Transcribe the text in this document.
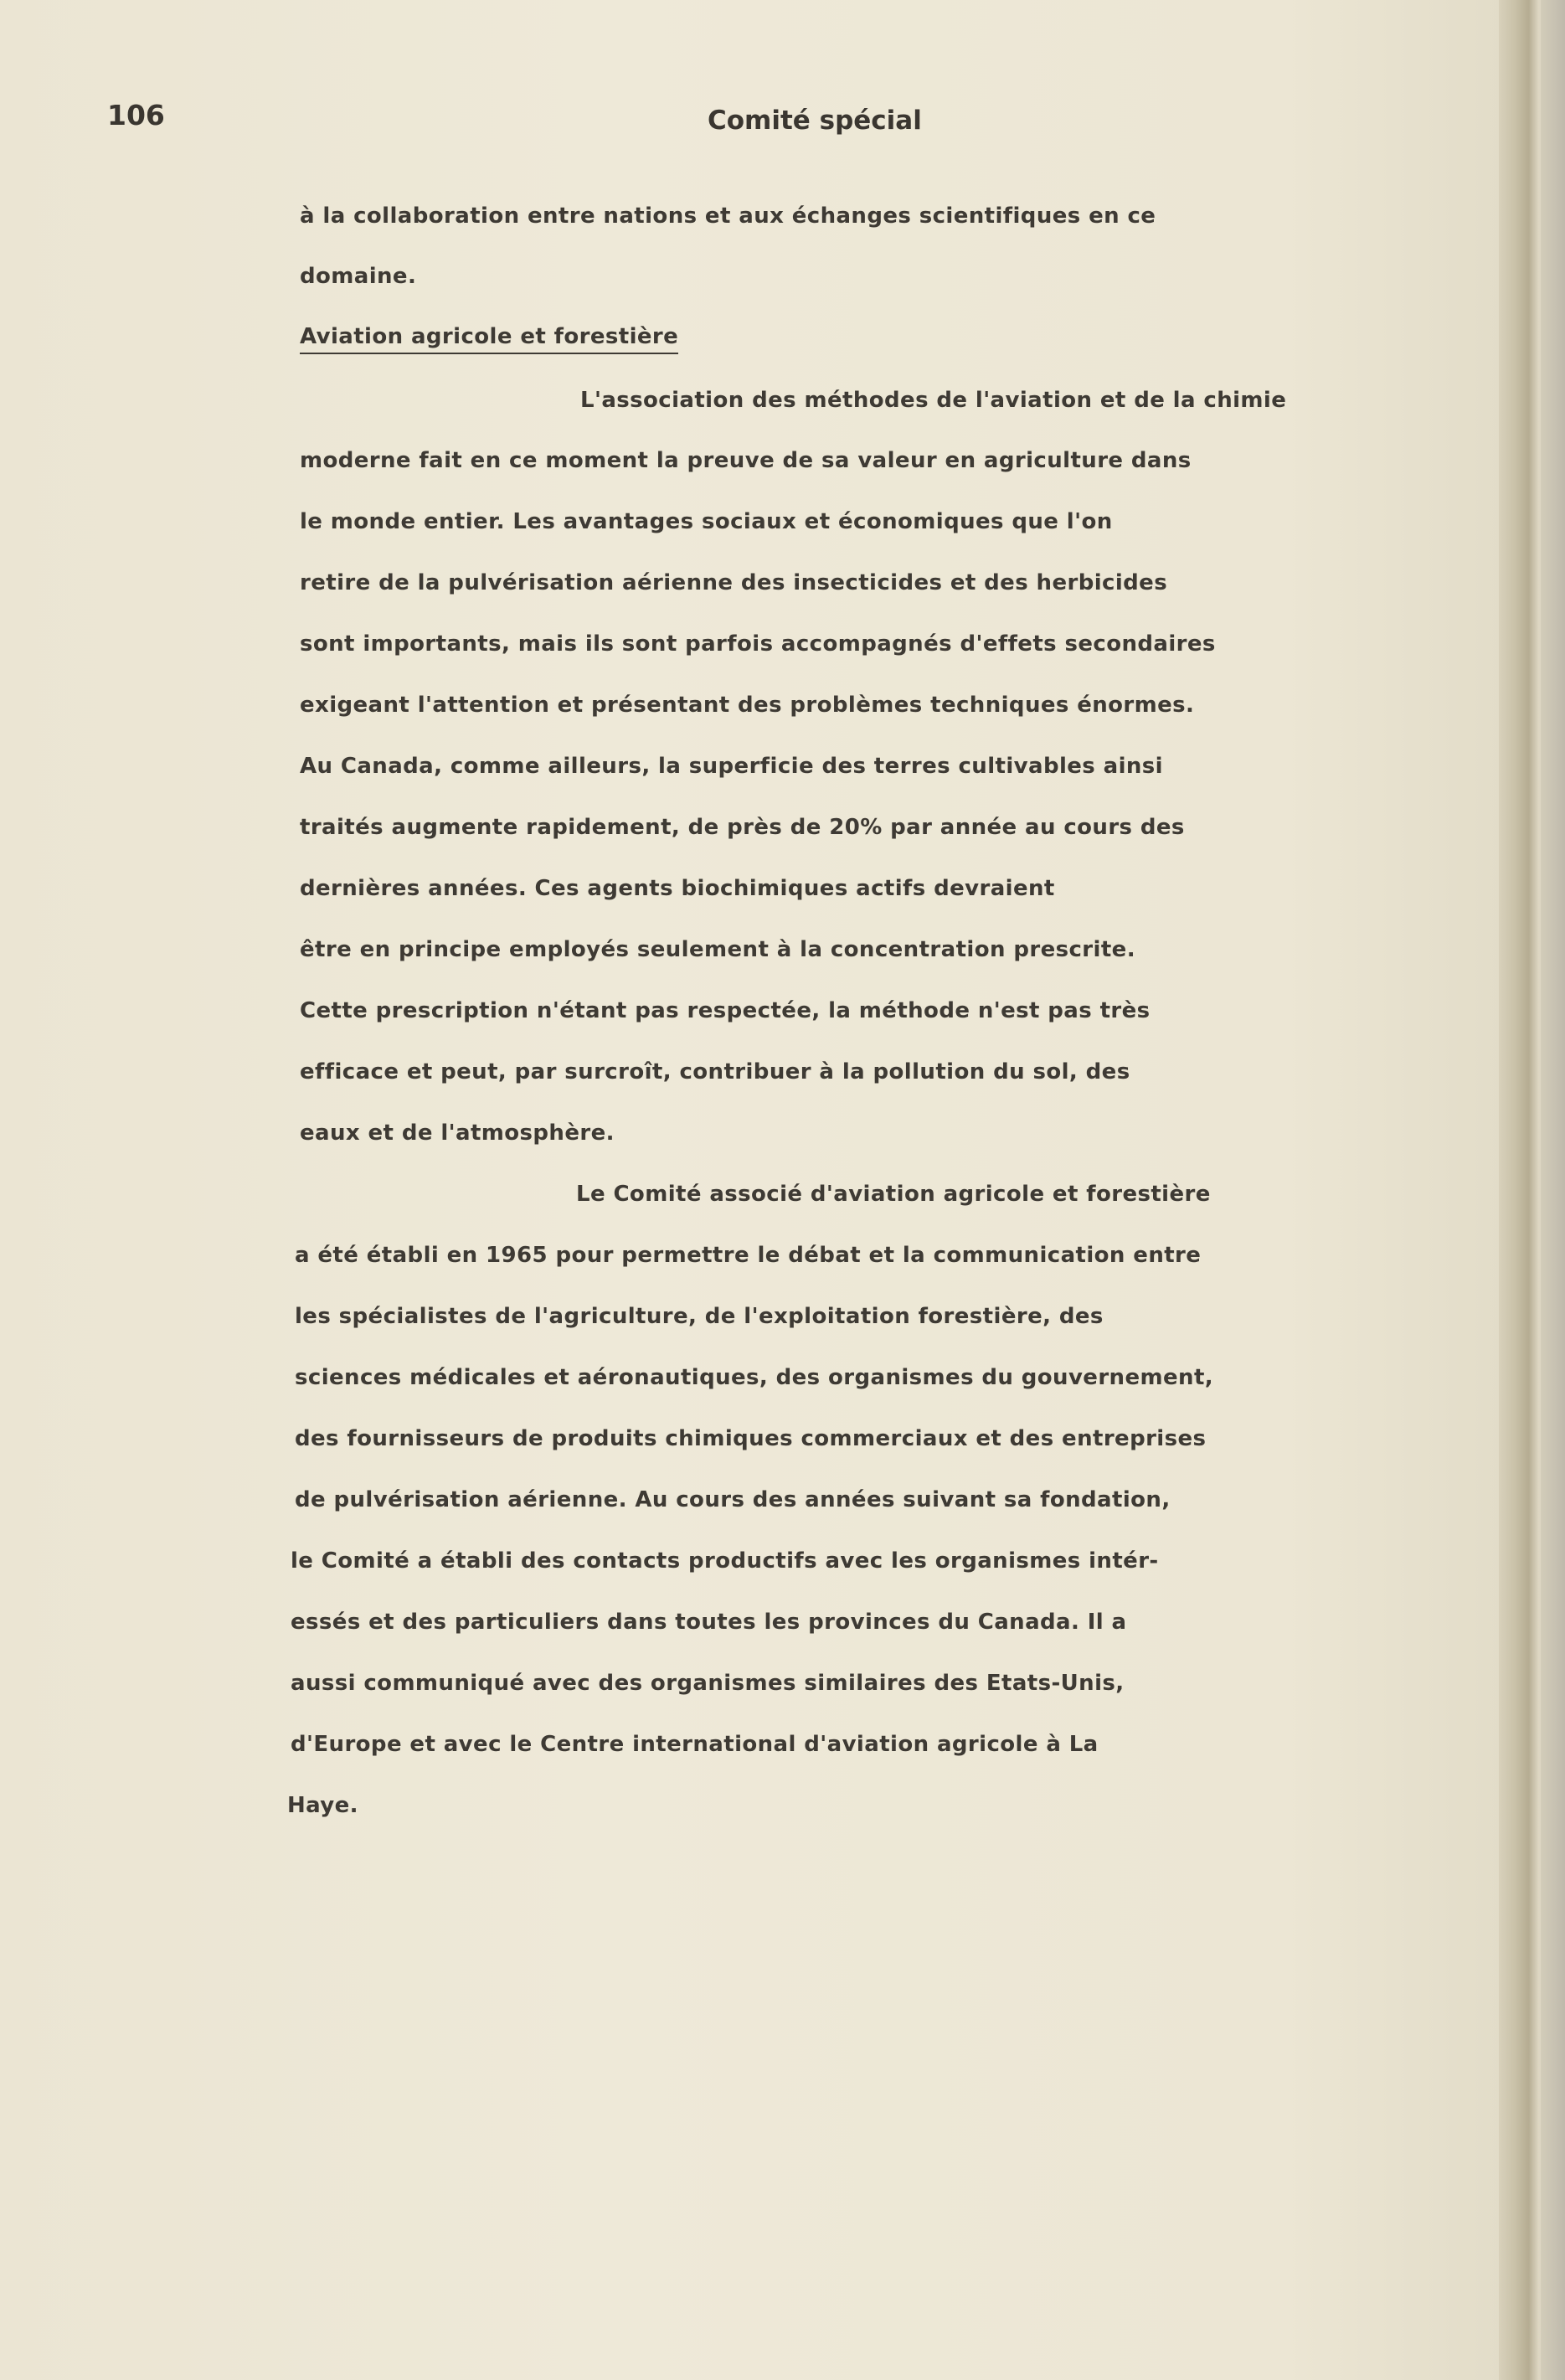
106	Comité spécial
à la collaboration entre nations et aux échanges scientifiques en ce
domaine.
Aviation agricole et forestière
L'association des méthodes de l'aviation et de la chimie
moderne fait en ce moment la preuve de sa valeur en agriculture dans
le monde entier. Les avantages sociaux et économiques que l'on
retire de la pulvérisation aérienne des insecticides et des herbicides
sont importants, mais ils sont parfois accompagnés d'effets secondaires
exigeant l'attention et présentant des problèmes techniques énormes.
Au Canada, comme ailleurs, la superficie des terres cultivables ainsi
traités augmente rapidement, de près de 20% par année au cours des
dernières années. Ces agents biochimiques actifs devraient
être en principe employés seulement à la concentration prescrite.
Cette prescription n'étant pas respectée, la méthode n'est pas très
efficace et peut, par surcroît, contribuer à la pollution du sol, des
eaux et de l'atmosphère.
Le Comité associé d'aviation agricole et forestière
a été établi en 1965 pour permettre le débat et la communication entre
les spécialistes de l'agriculture, de l'exploitation forestière, des
sciences médicales et aéronautiques, des organismes du gouvernement,
des fournisseurs de produits chimiques commerciaux et des entreprises
de pulvérisation aérienne. Au cours des années suivant sa fondation,
le Comité a établi des contacts productifs avec les organismes intér-
essés et des particuliers dans toutes les provinces du Canada. Il a
aussi communiqué avec des organismes similaires des Etats-Unis,
d'Europe et avec le Centre international d'aviation agricole à La
Haye.
